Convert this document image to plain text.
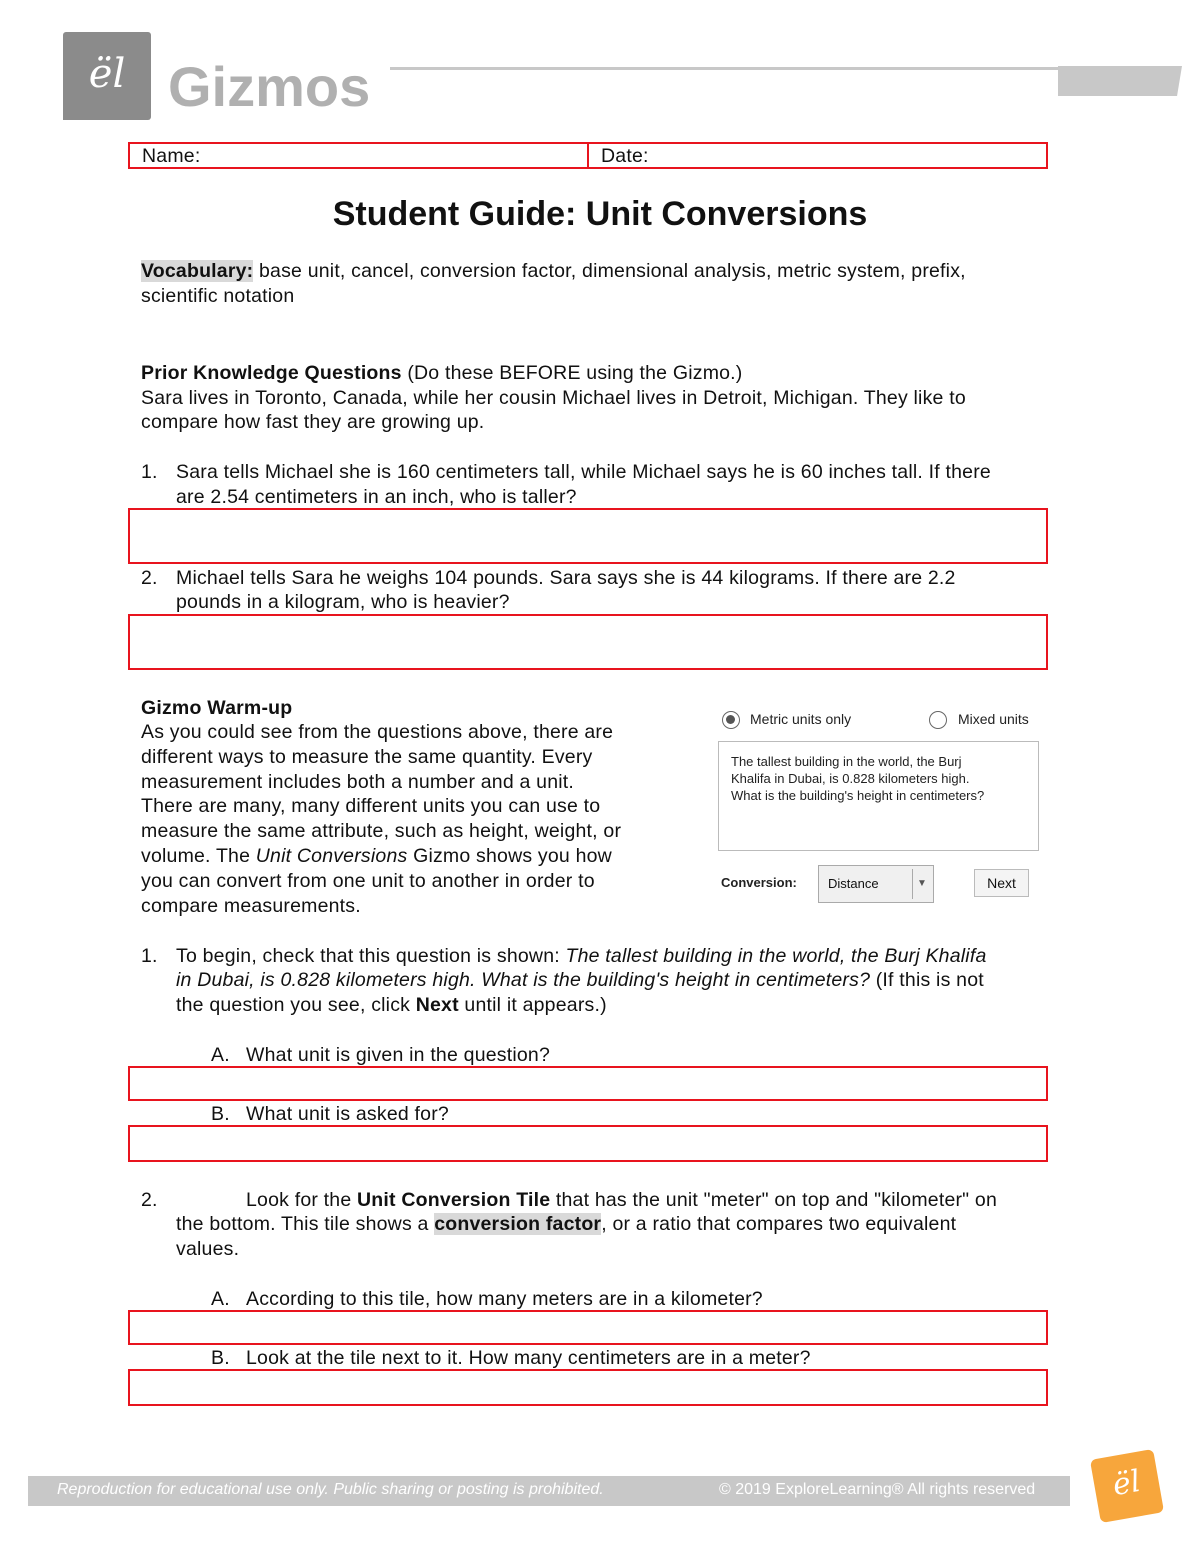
ël Gizmos
Name:	Date:
Student Guide: Unit Conversions
Vocabulary: base unit, cancel, conversion factor, dimensional analysis, metric system, prefix,
scientific notation
Prior Knowledge Questions (Do these BEFORE using the Gizmo.)
Sara lives in Toronto, Canada, while her cousin Michael lives in Detroit, Michigan. They like to
compare how fast they are growing up.
1. Sara tells Michael she is 160 centimeters tall, while Michael says he is 60 inches tall. If there
are 2.54 centimeters in an inch, who is taller?
2. Michael tells Sara he weighs 104 pounds. Sara says she is 44 kilograms. If there are 2.2
pounds in a kilogram, who is heavier?
Gizmo Warm-up
As you could see from the questions above, there are
different ways to measure the same quantity. Every
measurement includes both a number and a unit.
There are many, many different units you can use to
measure the same attribute, such as height, weight, or
volume. The Unit Conversions Gizmo shows you how
you can convert from one unit to another in order to
compare measurements.
Metric units only	Mixed units
The tallest building in the world, the Burj
Khalifa in Dubai, is 0.828 kilometers high.
What is the building's height in centimeters?
Conversion: Distance	▼	Next
1. To begin, check that this question is shown: The tallest building in the world, the Burj Khalifa
in Dubai, is 0.828 kilometers high. What is the building's height in centimeters? (If this is not
the question you see, click Next until it appears.)
A. What unit is given in the question?
B. What unit is asked for?
2.	Look for the Unit Conversion Tile that has the unit "meter" on top and "kilometer" on
the bottom. This tile shows a conversion factor, or a ratio that compares two equivalent
values.
A. According to this tile, how many meters are in a kilometer?
B. Look at the tile next to it. How many centimeters are in a meter?
Reproduction for educational use only. Public sharing or posting is prohibited.	© 2019 ExploreLearning® All rights reserved	ël
